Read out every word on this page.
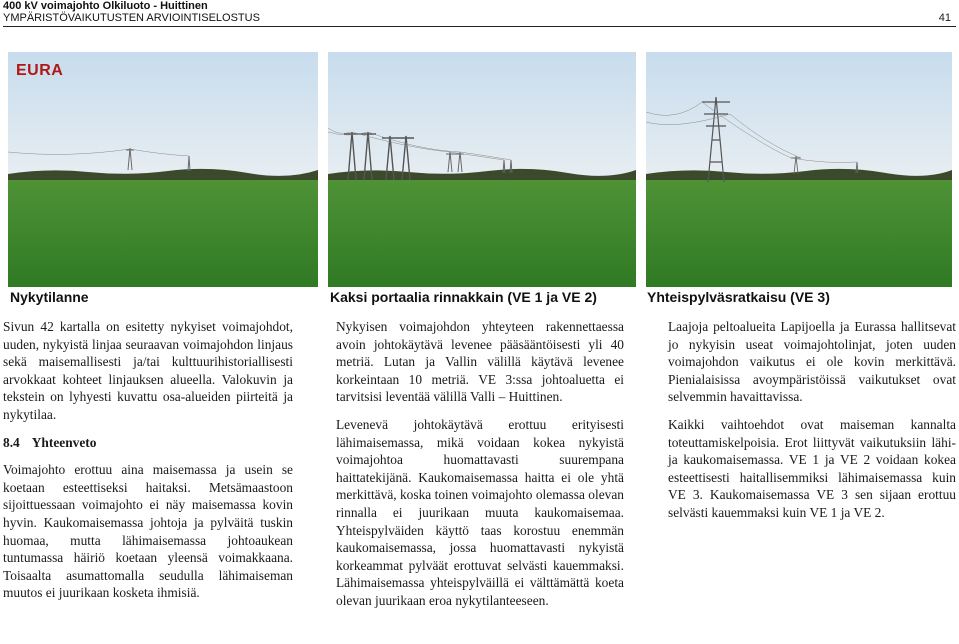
400 kV voimajohto Olkiluoto - Huittinen
YMPÄRISTÖVAIKUTUSTEN ARVIOINTISELOSTUS	41
EURA
Nykytilanne	Kaksi portaalia rinnakkain (VE 1 ja VE 2)	Yhteispylväsratkaisu (VE 3)

Sivun 42 kartalla on esitetty nykyiset voimajohdot, uuden, nykyistä linjaa seuraavan voimajohdon linjaus sekä maisemallisesti ja/tai kulttuurihistoriallisesti arvokkaat kohteet linjauksen alueella. Valokuvin ja tekstein on lyhyesti kuvattu osa-alueiden piirteitä ja nykytilaa.

8.4 Yhteenveto

Voimajohto erottuu aina maisemassa ja usein se koetaan esteettiseksi haitaksi. Metsämaastoon sijoittuessaan voimajohto ei näy maisemassa kovin hyvin. Kaukomaisemassa johtoja ja pylväitä tuskin huomaa, mutta lähimaisemassa johtoaukean tuntumassa häiriö koetaan yleensä voimakkaana. Toisaalta asumattomalla seudulla lähimaiseman muutos ei juurikaan kosketa ihmisiä.

Nykyisen voimajohdon yhteyteen rakennettaessa avoin johtokäytävä levenee pääsääntöisesti yli 40 metriä. Lutan ja Vallin välillä käytävä levenee korkeintaan 10 metriä. VE 3:ssa johtoaluetta ei tarvitsisi leventää välillä Valli – Huittinen.

Levenevä johtokäytävä erottuu erityisesti lähimaisemassa, mikä voidaan kokea nykyistä voimajohtoa huomattavasti suurempana haittatekijänä. Kaukomaisemassa haitta ei ole yhtä merkittävä, koska toinen voimajohto olemassa olevan rinnalla ei juurikaan muuta kaukomaisemaa. Yhteispylväiden käyttö taas korostuu enemmän kaukomaisemassa, jossa huomattavasti nykyistä korkeammat pylväät erottuvat selvästi kauemmaksi. Lähimaisemassa yhteispylväillä ei välttämättä koeta olevan juurikaan eroa nykytilanteeseen.

Laajoja peltoalueita Lapijoella ja Eurassa hallitsevat jo nykyisin useat voimajohtolinjat, joten uuden voimajohdon vaikutus ei ole kovin merkittävä. Pienialaisissa avoympäristöissä vaikutukset ovat selvemmin havaittavissa.

Kaikki vaihtoehdot ovat maiseman kannalta toteuttamiskelpoisia. Erot liittyvät vaikutuksiin lähi- ja kaukomaisemassa. VE 1 ja VE 2 voidaan kokea esteettisesti haitallisemmiksi lähimaisemassa kuin VE 3. Kaukomaisemassa VE 3 sen sijaan erottuu selvästi kauemmaksi kuin VE 1 ja VE 2.
